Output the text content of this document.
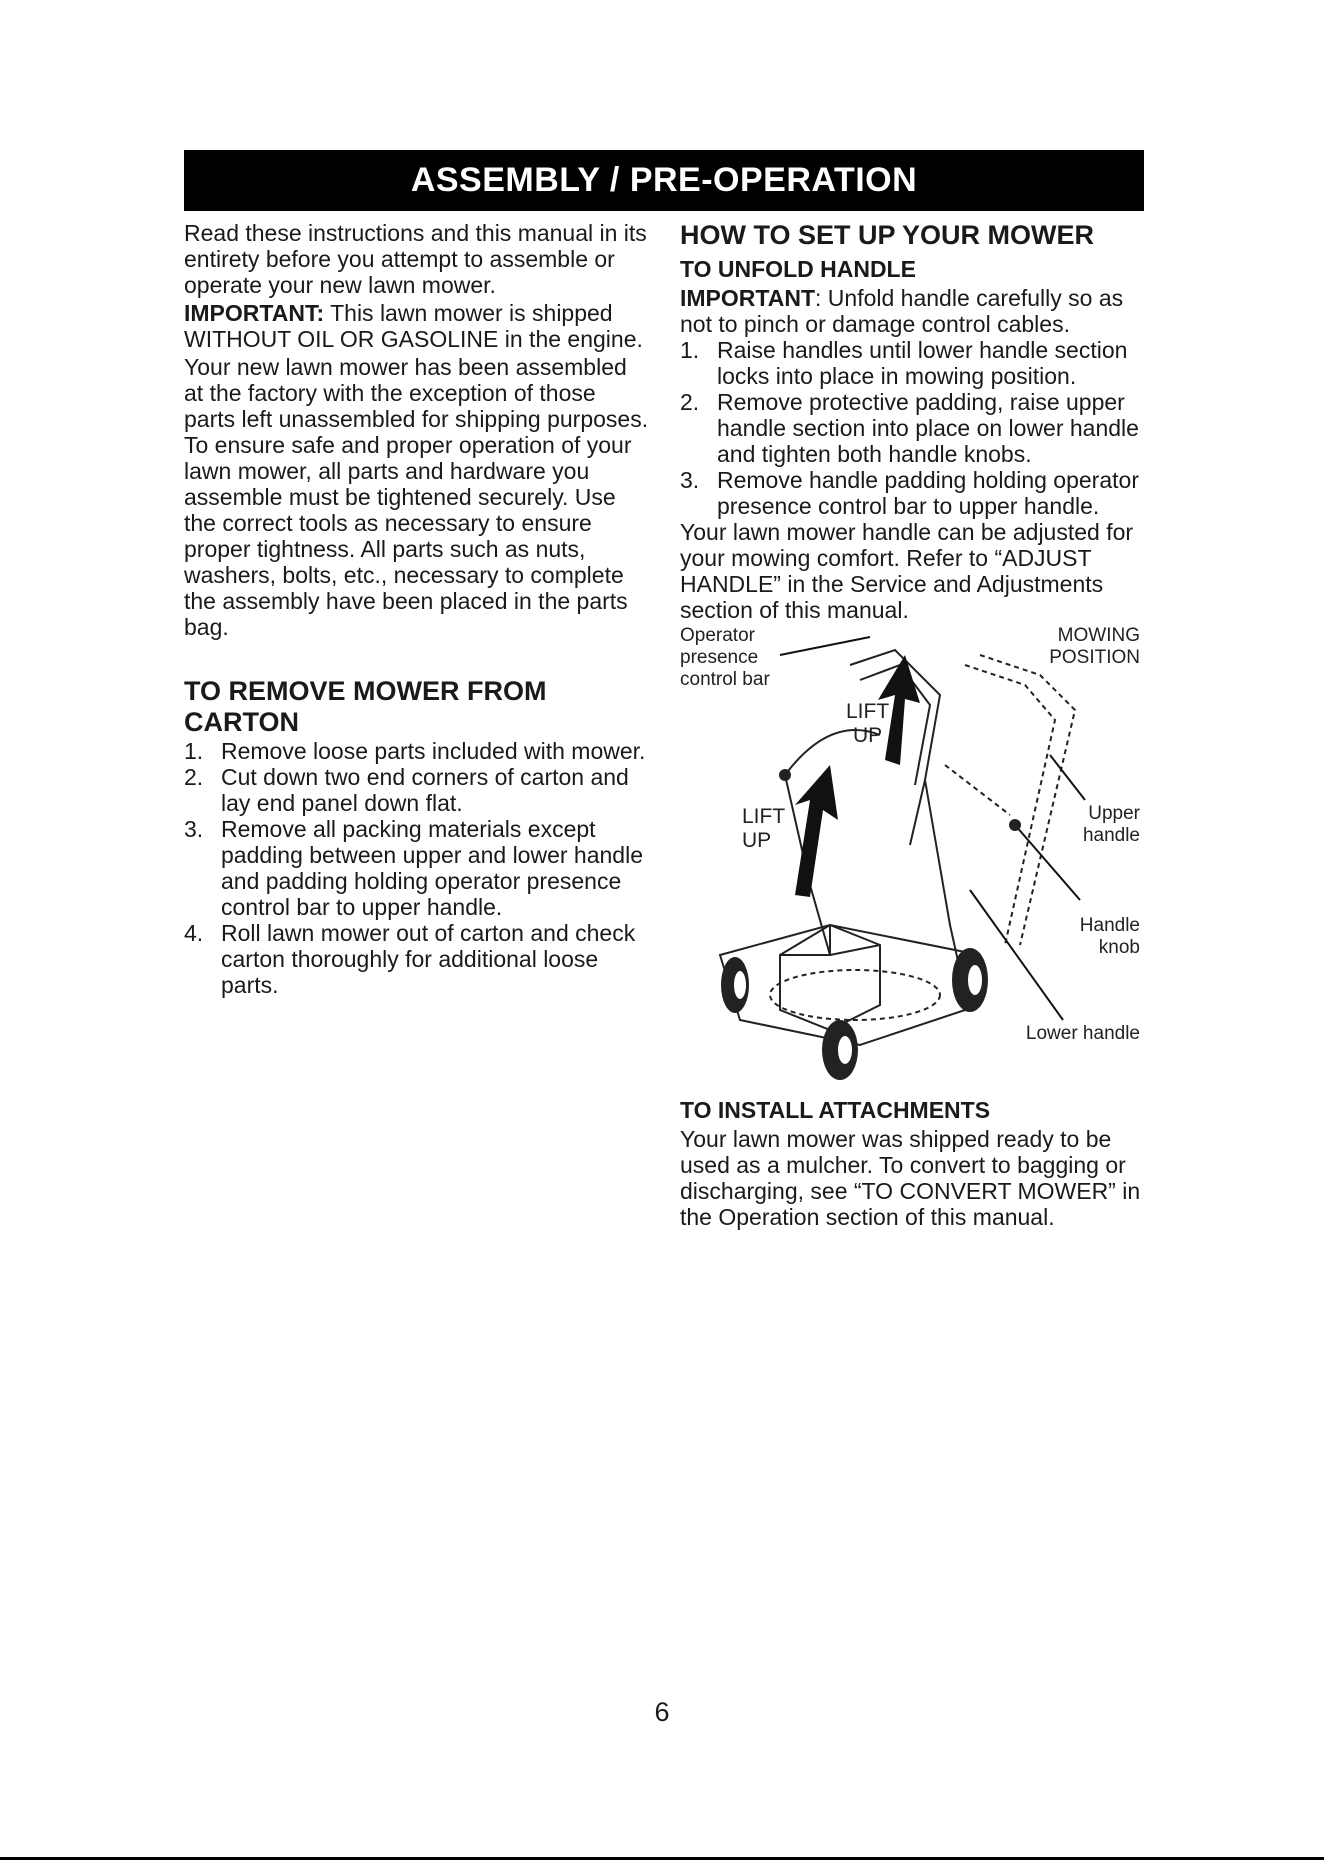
ASSEMBLY / PRE-OPERATION

Read these instructions and this manual in its entirety before you attempt to assemble or operate your new lawn mower.

IMPORTANT: This lawn mower is shipped WITHOUT OIL OR GASOLINE in the engine.

Your new lawn mower has been assembled at the factory with the exception of those parts left unassembled for shipping purposes. To ensure safe and proper operation of your lawn mower, all parts and hardware you assemble must be tightened securely. Use the correct tools as necessary to ensure proper tightness. All parts such as nuts, washers, bolts, etc., necessary to complete the assembly have been placed in the parts bag.

TO REMOVE MOWER FROM CARTON

1. Remove loose parts included with mower.
2. Cut down two end corners of carton and lay end panel down flat.
3. Remove all packing materials except padding between upper and lower handle and padding holding operator presence control bar to upper handle.
4. Roll lawn mower out of carton and check carton thoroughly for additional loose parts.

HOW TO SET UP YOUR MOWER

TO UNFOLD HANDLE

IMPORTANT: Unfold handle carefully so as not to pinch or damage control cables.

1. Raise handles until lower handle section locks into place in mowing position.
2. Remove protective padding, raise upper handle section into place on lower handle and tighten both handle knobs.
3. Remove handle padding holding operator presence control bar to upper handle.

Your lawn mower handle can be adjusted for your mowing comfort. Refer to “ADJUST HANDLE” in the Service and Adjustments section of this manual.

Operator
presence
control bar
MOWING
POSITION
LIFT
UP
LIFT
UP
Upper
handle
Handle
knob
Lower handle

TO INSTALL ATTACHMENTS

Your lawn mower was shipped ready to be used as a mulcher. To convert to bagging or discharging, see “TO CONVERT MOWER” in the Operation section of this manual.

6
